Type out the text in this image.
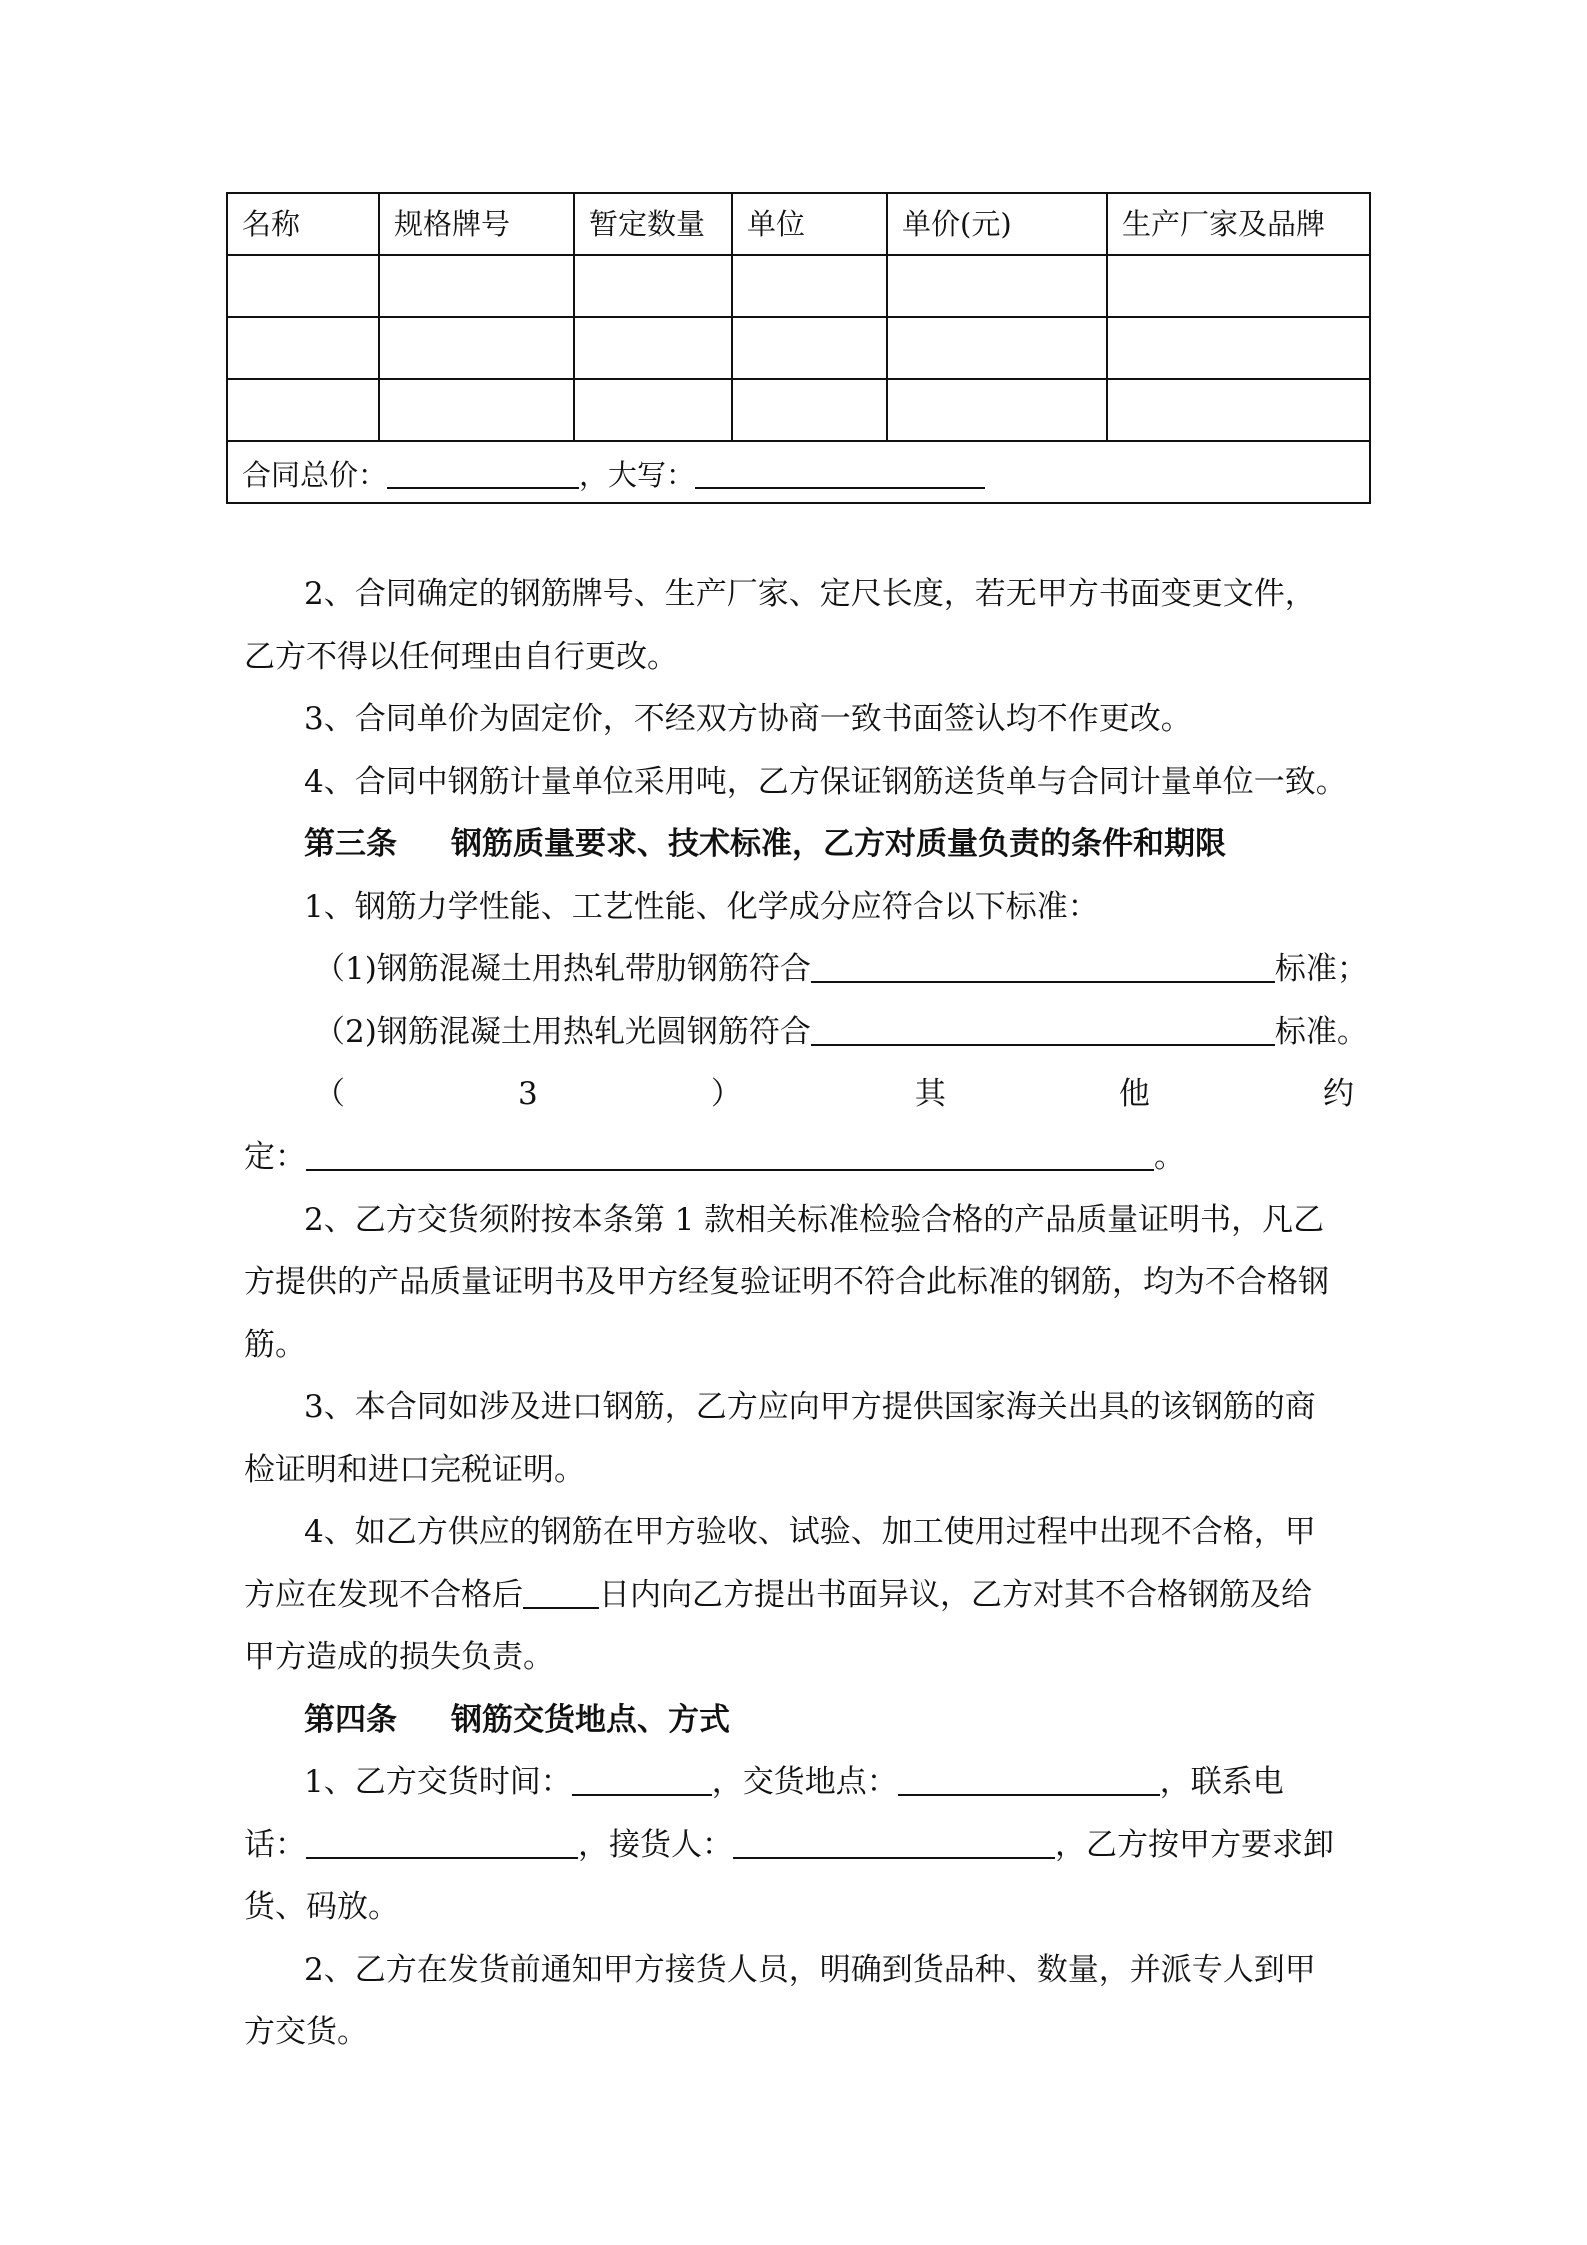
名称	规格牌号	暂定数量	单位	单价(元)	生产厂家及品牌

合同总价： ，大写：					
2、合同确定的钢筋牌号、生产厂家、定尺长度，若无甲方书面变更文件，
乙方不得以任何理由自行更改。
3、合同单价为固定价，不经双方协商一致书面签认均不作更改。
4、合同中钢筋计量单位采用吨，乙方保证钢筋送货单与合同计量单位一致。
第三条 钢筋质量要求、技术标准，乙方对质量负责的条件和期限
1、钢筋力学性能、工艺性能、化学成分应符合以下标准：
（1)钢筋混凝土用热轧带肋钢筋符合	标准；
（2)钢筋混凝土用热轧光圆钢筋符合	标准。
（	3	）	其	他	约
定：	。
2、乙方交货须附按本条第 1 款相关标准检验合格的产品质量证明书，凡乙
方提供的产品质量证明书及甲方经复验证明不符合此标准的钢筋，均为不合格钢
筋。
3、本合同如涉及进口钢筋，乙方应向甲方提供国家海关出具的该钢筋的商
检证明和进口完税证明。
4、如乙方供应的钢筋在甲方验收、试验、加工使用过程中出现不合格，甲
方应在发现不合格后 日内向乙方提出书面异议，乙方对其不合格钢筋及给
甲方造成的损失负责。
第四条 钢筋交货地点、方式
1、乙方交货时间：	，交货地点：	，联系电
话：	，接货人：	，乙方按甲方要求卸
货、码放。
2、乙方在发货前通知甲方接货人员，明确到货品种、数量，并派专人到甲
方交货。
